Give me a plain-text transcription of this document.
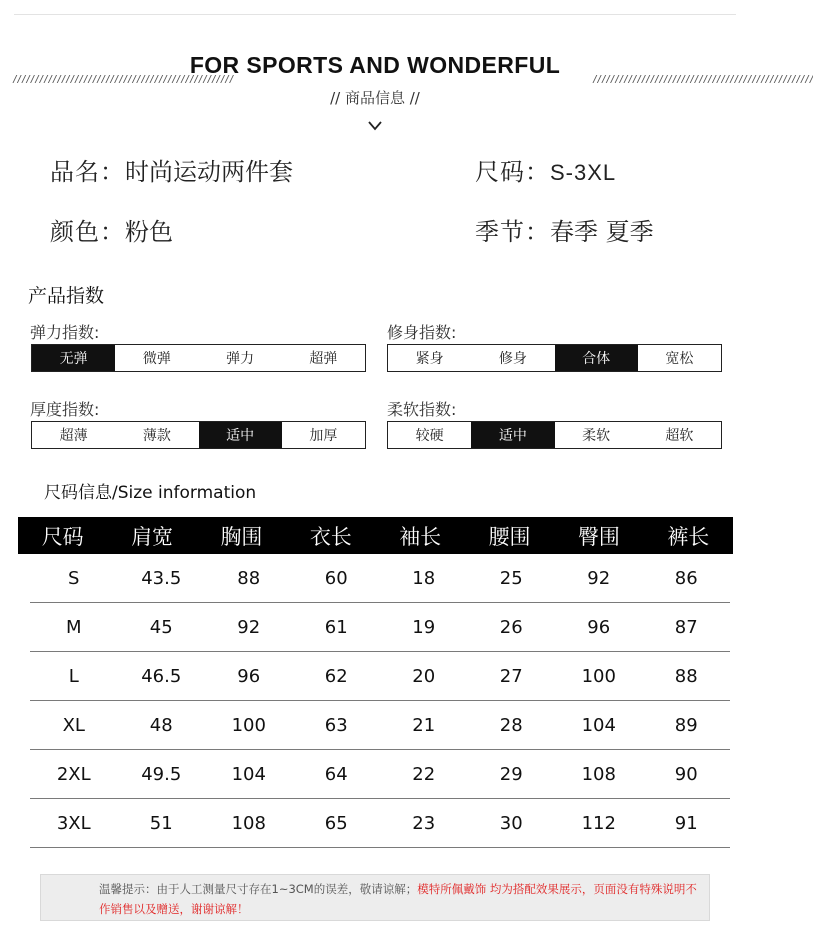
//////////////////////////////////////////////////
FOR SPORTS AND WONDERFUL
//////////////////////////////////////////////////
// 商品信息 //
品名：时尚运动两件套	尺码：S-3XL
颜色：粉色	季节：春季 夏季
产品指数
弹力指数:
无弹	微弹	弹力	超弹
修身指数:
紧身	修身	合体	宽松
厚度指数:
超薄	薄款	适中	加厚
柔软指数:
较硬	适中	柔软	超软
尺码信息/Size information
尺码	肩宽	胸围	衣长	袖长	腰围	臀围	裤长
S	43.5	88	60	18	25	92	86
M	45	92	61	19	26	96	87
L	46.5	96	62	20	27	100	88
XL	48	100	63	21	28	104	89
2XL	49.5	104	64	22	29	108	90
3XL	51	108	65	23	30	112	91
温馨提示：由于人工测量尺寸存在1~3CM的误差，敬请谅解；模特所佩戴饰 均为搭配效果展示，页面没有特殊说明不作销售以及赠送，谢谢谅解！
